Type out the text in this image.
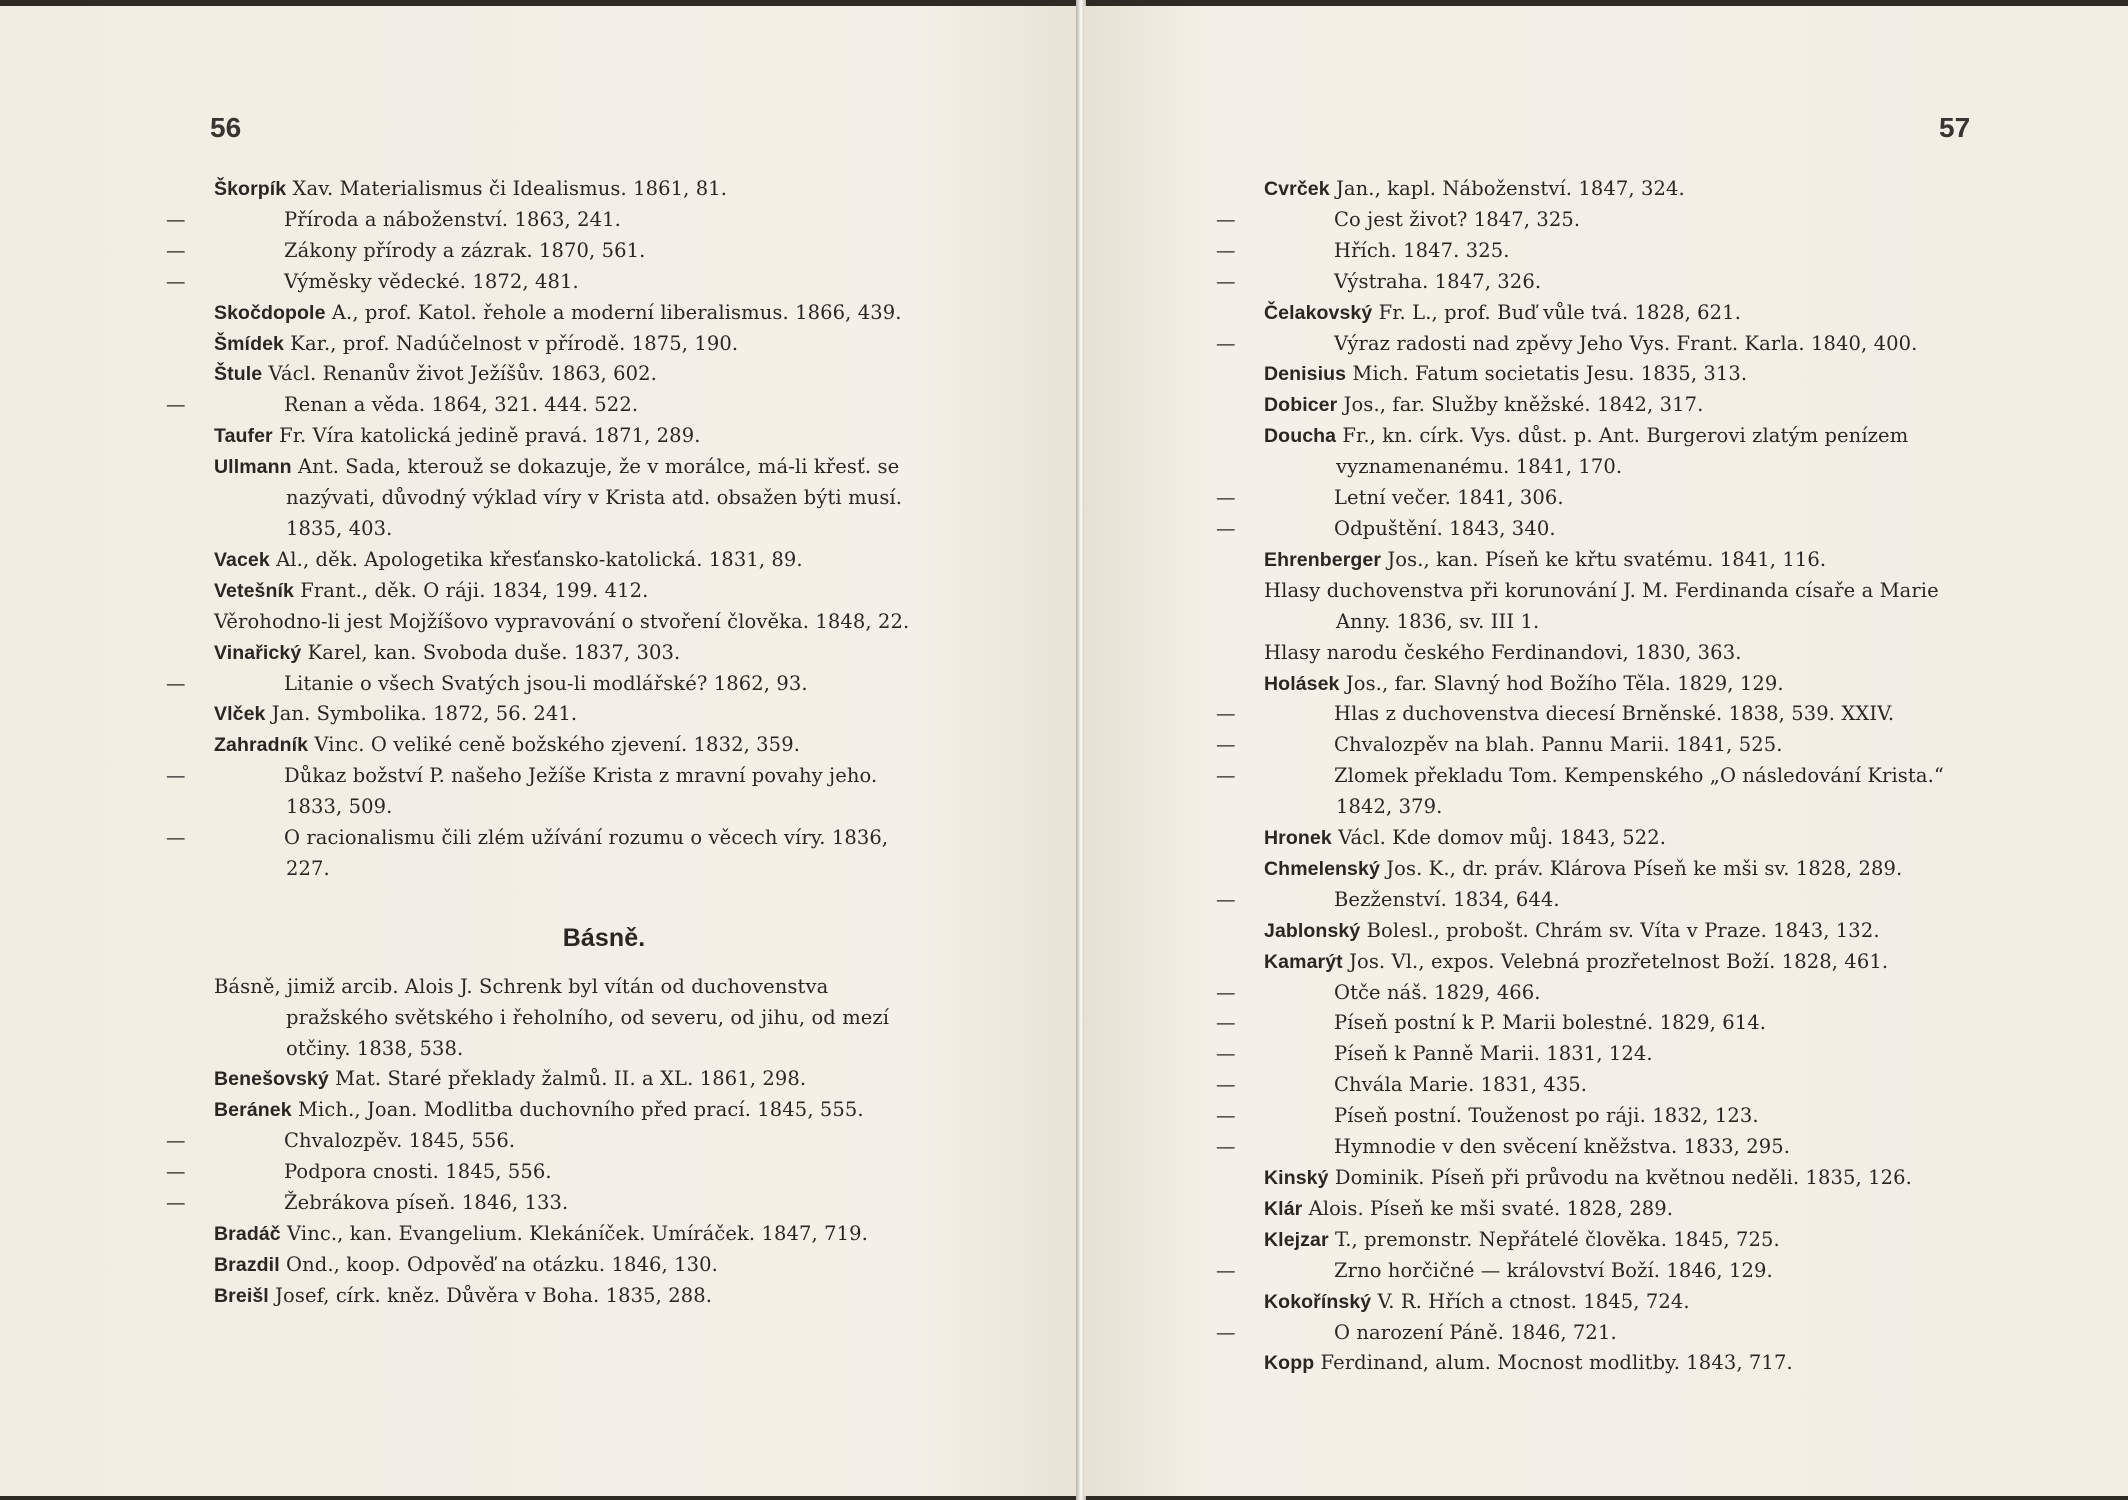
56
Škorpík Xav. Materialismus či Idealismus. 1861, 81.
—	Příroda a náboženství. 1863, 241.
—	Zákony přírody a zázrak. 1870, 561.
—	Výměsky vědecké. 1872, 481.
Skočdopole A., prof. Katol. řehole a moderní liberalismus. 1866, 439.
Šmídek Kar., prof. Nadúčelnost v přírodě. 1875, 190.
Štule Václ. Renanův život Ježíšův. 1863, 602.
—	Renan a věda. 1864, 321. 444. 522.
Taufer Fr. Víra katolická jedině pravá. 1871, 289.
Ullmann Ant. Sada, kterouž se dokazuje, že v morálce, má-li křesť. se nazývati, důvodný výklad víry v Krista atd. obsažen býti musí. 1835, 403.
Vacek Al., děk. Apologetika křesťansko-katolická. 1831, 89.
Vetešník Frant., děk. O ráji. 1834, 199. 412.
Věrohodno-li jest Mojžíšovo vypravování o stvoření člověka. 1848, 22.
Vinařický Karel, kan. Svoboda duše. 1837, 303.
—	Litanie o všech Svatých jsou-li modlářské? 1862, 93.
Vlček Jan. Symbolika. 1872, 56. 241.
Zahradník Vinc. O veliké ceně božského zjevení. 1832, 359.
—	Důkaz božství P. našeho Ježíše Krista z mravní povahy jeho. 1833, 509.
—	O racionalismu čili zlém užívání rozumu o věcech víry. 1836, 227.
Básně.
Básně, jimiž arcib. Alois J. Schrenk byl vítán od duchovenstva pražského světského i řeholního, od severu, od jihu, od mezí otčiny. 1838, 538.
Benešovský Mat. Staré překlady žalmů. II. a XL. 1861, 298.
Beránek Mich., Joan. Modlitba duchovního před prací. 1845, 555.
—	Chvalozpěv. 1845, 556.
—	Podpora cnosti. 1845, 556.
—	Žebrákova píseň. 1846, 133.
Bradáč Vinc., kan. Evangelium. Klekáníček. Umíráček. 1847, 719.
Brazdil Ond., koop. Odpověď na otázku. 1846, 130.
Breišl Josef, círk. kněz. Důvěra v Boha. 1835, 288.
57
Cvrček Jan., kapl. Náboženství. 1847, 324.
—	Co jest život? 1847, 325.
—	Hřích. 1847. 325.
—	Výstraha. 1847, 326.
Čelakovský Fr. L., prof. Buď vůle tvá. 1828, 621.
—	Výraz radosti nad zpěvy Jeho Vys. Frant. Karla. 1840, 400.
Denisius Mich. Fatum societatis Jesu. 1835, 313.
Dobicer Jos., far. Služby kněžské. 1842, 317.
Doucha Fr., kn. círk. Vys. důst. p. Ant. Burgerovi zlatým penízem vyznamenanému. 1841, 170.
—	Letní večer. 1841, 306.
—	Odpuštění. 1843, 340.
Ehrenberger Jos., kan. Píseň ke křtu svatému. 1841, 116.
Hlasy duchovenstva při korunování J. M. Ferdinanda císaře a Marie Anny. 1836, sv. III 1.
Hlasy narodu českého Ferdinandovi, 1830, 363.
Holásek Jos., far. Slavný hod Božího Těla. 1829, 129.
—	Hlas z duchovenstva diecesí Brněnské. 1838, 539. XXIV.
—	Chvalozpěv na blah. Pannu Marii. 1841, 525.
—	Zlomek překladu Tom. Kempenského „O následování Krista.“ 1842, 379.
Hronek Václ. Kde domov můj. 1843, 522.
Chmelenský Jos. K., dr. práv. Klárova Píseň ke mši sv. 1828, 289.
—	Bezženství. 1834, 644.
Jablonský Bolesl., probošt. Chrám sv. Víta v Praze. 1843, 132.
Kamarýt Jos. Vl., expos. Velebná prozřetelnost Boží. 1828, 461.
—	Otče náš. 1829, 466.
—	Píseň postní k P. Marii bolestné. 1829, 614.
—	Píseň k Panně Marii. 1831, 124.
—	Chvála Marie. 1831, 435.
—	Píseň postní. Touženost po ráji. 1832, 123.
—	Hymnodie v den svěcení kněžstva. 1833, 295.
Kinský Dominik. Píseň při průvodu na květnou neděli. 1835, 126.
Klár Alois. Píseň ke mši svaté. 1828, 289.
Klejzar T., premonstr. Nepřátelé člověka. 1845, 725.
—	Zrno horčičné — království Boží. 1846, 129.
Kokořínský V. R. Hřích a ctnost. 1845, 724.
—	O narození Páně. 1846, 721.
Kopp Ferdinand, alum. Mocnost modlitby. 1843, 717.
